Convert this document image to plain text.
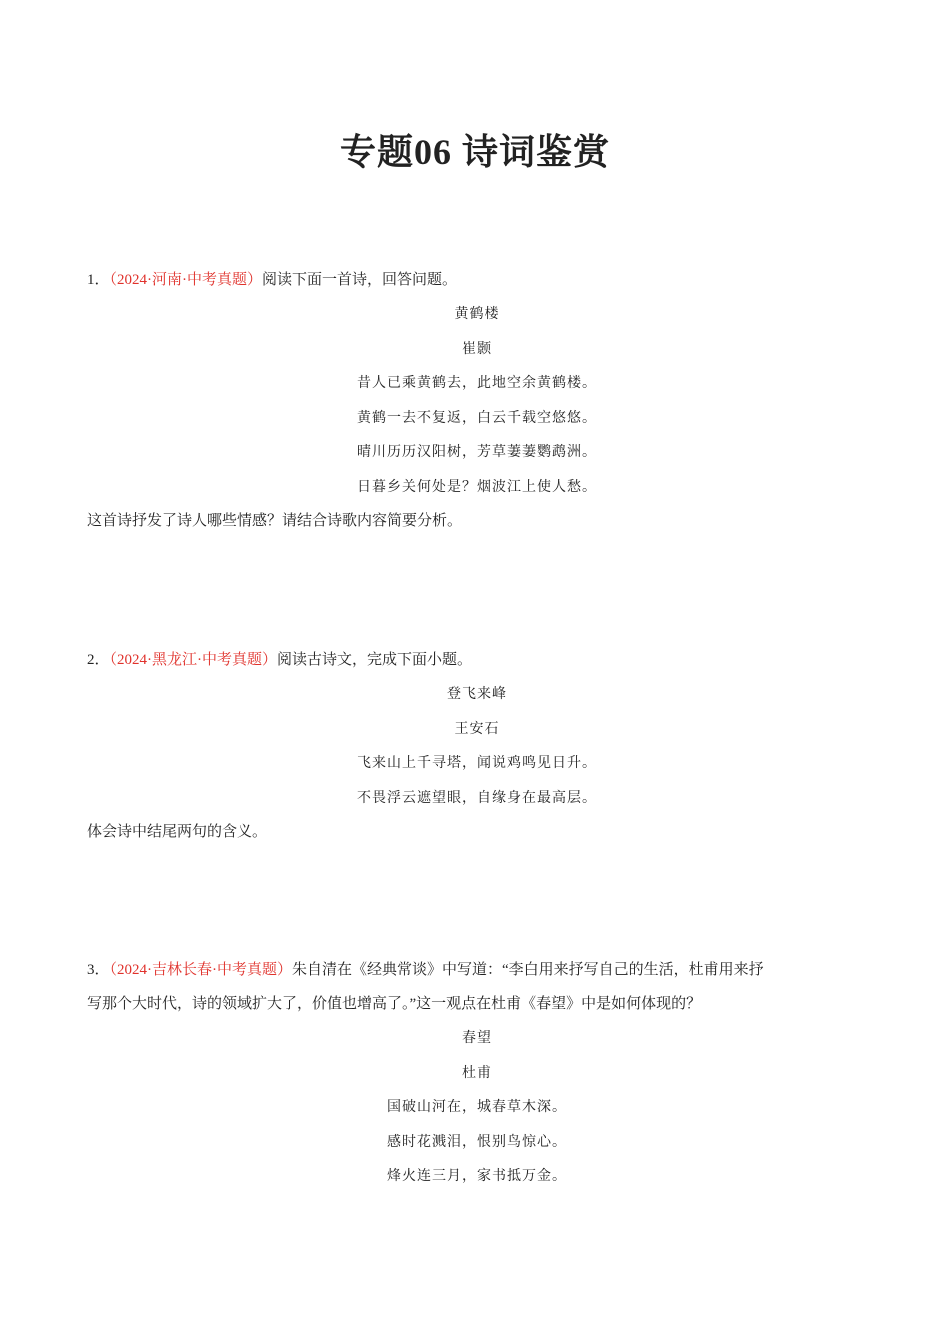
专题06 诗词鉴赏
1．（2024·河南·中考真题）阅读下面一首诗，回答问题。
黄鹤楼
崔颢
昔人已乘黄鹤去，此地空余黄鹤楼。
黄鹤一去不复返，白云千载空悠悠。
晴川历历汉阳树，芳草萋萋鹦鹉洲。
日暮乡关何处是？烟波江上使人愁。
这首诗抒发了诗人哪些情感？请结合诗歌内容简要分析。
2．（2024·黑龙江·中考真题）阅读古诗文，完成下面小题。
登飞来峰
王安石
飞来山上千寻塔，闻说鸡鸣见日升。
不畏浮云遮望眼，自缘身在最高层。
体会诗中结尾两句的含义。
3．（2024·吉林长春·中考真题）朱自清在《经典常谈》中写道：“李白用来抒写自己的生活，杜甫用来抒
写那个大时代，诗的领域扩大了，价值也增高了。”这一观点在杜甫《春望》中是如何体现的？
春望
杜甫
国破山河在，城春草木深。
感时花溅泪，恨别鸟惊心。
烽火连三月，家书抵万金。
